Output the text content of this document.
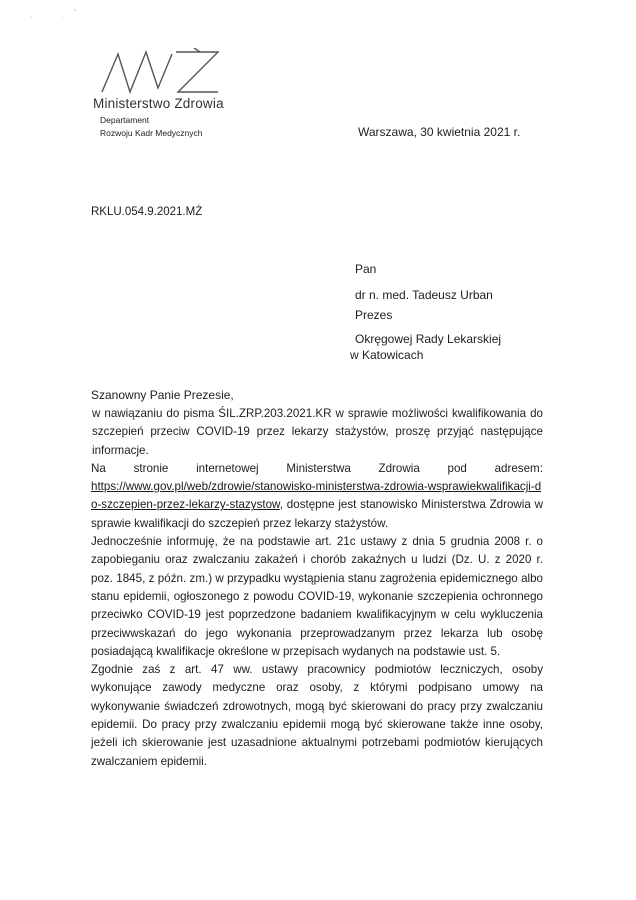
·
˙
ˇ
Ministerstwo Zdrowia
Departament
Rozwoju Kadr Medycznych	Warszawa, 30 kwietnia 2021 r.
RKLU.054.9.2021.MŻ
Pan
dr n. med. Tadeusz Urban
Prezes
Okręgowej Rady Lekarskiej
w Katowicach
Szanowny Panie Prezesie,

w nawiązaniu do pisma ŚIL.ZRP.203.2021.KR w sprawie możliwości kwalifikowania do szczepień przeciw COVID-19 przez lekarzy stażystów, proszę przyjąć następujące informacje.

Na stronie internetowej Ministerstwa Zdrowia pod adresem:

https://www.gov.pl/web/zdrowie/stanowisko-ministerstwa-zdrowia-wsprawiekwalifikacji-do-szczepien-przez-lekarzy-stazystow, dostępne jest stanowisko Ministerstwa Zdrowia w sprawie kwalifikacji do szczepień przez lekarzy stażystów.

Jednocześnie informuję, że na podstawie art. 21c ustawy z dnia 5 grudnia 2008 r. o zapobieganiu oraz zwalczaniu zakażeń i chorób zakaźnych u ludzi (Dz. U. z 2020 r. poz. 1845, z późn. zm.) w przypadku wystąpienia stanu zagrożenia epidemicznego albo stanu epidemii, ogłoszonego z powodu COVID-19, wykonanie szczepienia ochronnego przeciwko COVID-19 jest poprzedzone badaniem kwalifikacyjnym w celu wykluczenia przeciwwskazań do jego wykonania przeprowadzanym przez lekarza lub osobę posiadającą kwalifikacje określone w przepisach wydanych na podstawie ust. 5.

Zgodnie zaś z art. 47 ww. ustawy pracownicy podmiotów leczniczych, osoby wykonujące zawody medyczne oraz osoby, z którymi podpisano umowy na wykonywanie świadczeń zdrowotnych, mogą być skierowani do pracy przy zwalczaniu epidemii. Do pracy przy zwalczaniu epidemii mogą być skierowane także inne osoby, jeżeli ich skierowanie jest uzasadnione aktualnymi potrzebami podmiotów kierujących zwalczaniem epidemii.
